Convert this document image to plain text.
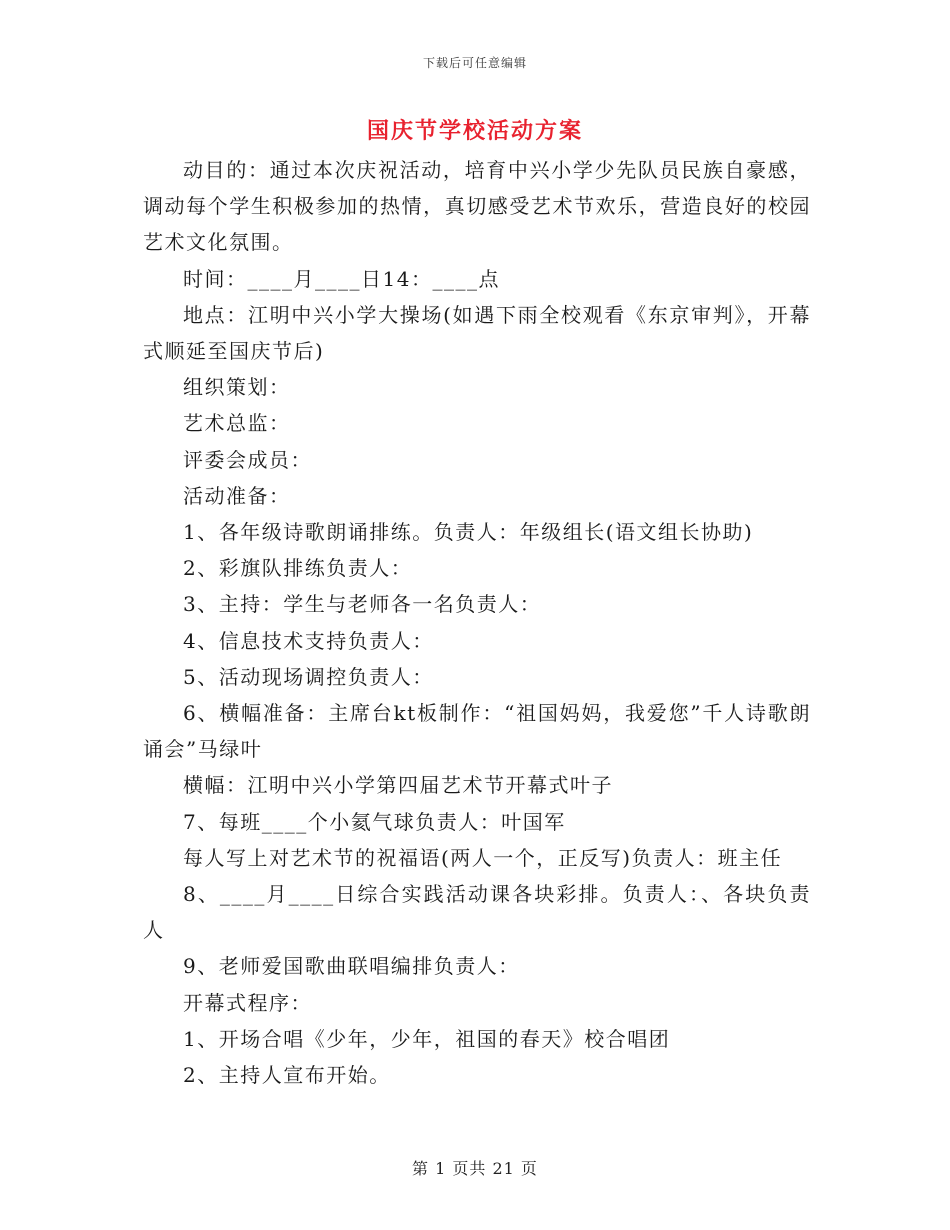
下载后可任意编辑
国庆节学校活动方案

动目的：通过本次庆祝活动，培育中兴小学少先队员民族自豪感，调动每个学生积极参加的热情，真切感受艺术节欢乐，营造良好的校园艺术文化氛围。

时间：____月____日14：____点

地点：江明中兴小学大操场(如遇下雨全校观看《东京审判》，开幕式顺延至国庆节后)

组织策划：

艺术总监：

评委会成员：

活动准备：

1、各年级诗歌朗诵排练。负责人：年级组长(语文组长协助)

2、彩旗队排练负责人：

3、主持：学生与老师各一名负责人：

4、信息技术支持负责人：

5、活动现场调控负责人：

6、横幅准备：主席台kt板制作：“祖国妈妈，我爱您”千人诗歌朗诵会”马绿叶

横幅：江明中兴小学第四届艺术节开幕式叶子

7、每班____个小氦气球负责人：叶国军

每人写上对艺术节的祝福语(两人一个，正反写)负责人：班主任

8、____月____日综合实践活动课各块彩排。负责人：、各块负责人

9、老师爱国歌曲联唱编排负责人：

开幕式程序：

1、开场合唱《少年，少年，祖国的春天》校合唱团

2、主持人宣布开始。

第 1 页共 21 页
